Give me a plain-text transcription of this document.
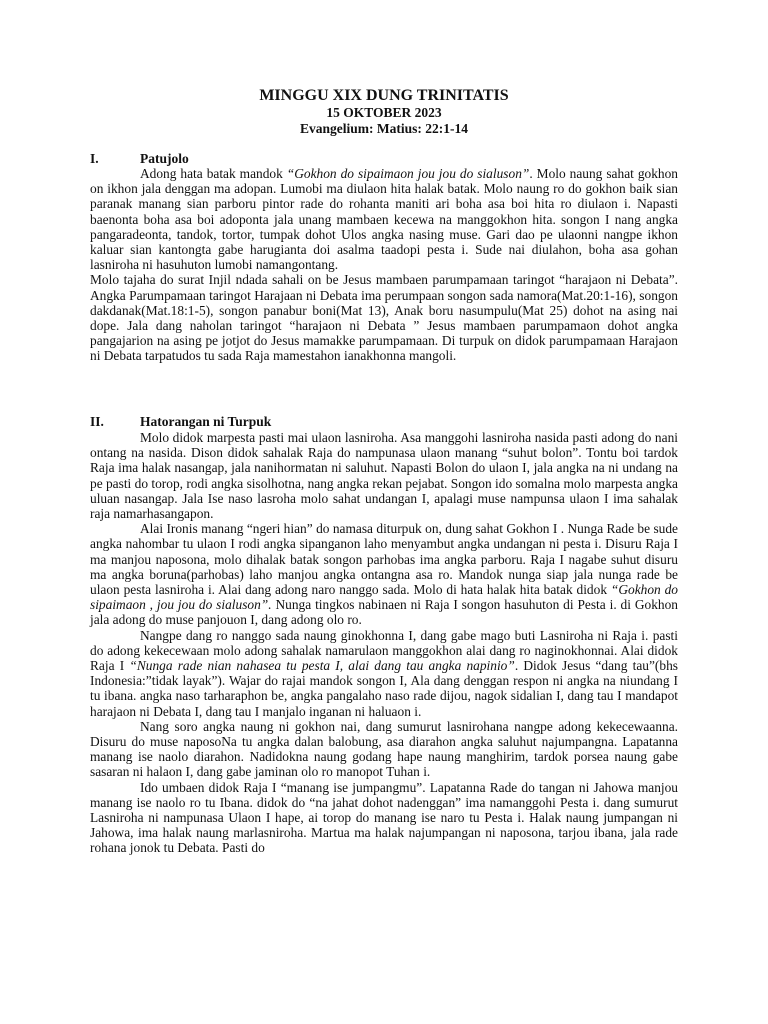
MINGGU XIX DUNG TRINITATIS
15 OKTOBER 2023
Evangelium: Matius: 22:1-14
I.	Patujolo

Adong hata batak mandok “Gokhon do sipaimaon jou jou do sialuson”. Molo naung sahat gokhon on ikhon jala denggan ma adopan. Lumobi ma diulaon hita halak batak. Molo naung ro do gokhon baik sian paranak manang sian parboru pintor rade do rohanta maniti ari boha asa boi hita ro diulaon i. Napasti baenonta boha asa boi adoponta jala unang mambaen kecewa na manggokhon hita. songon I nang angka pangaradeonta, tandok, tortor, tumpak dohot Ulos angka nasing muse. Gari dao pe ulaonni nangpe ikhon kaluar sian kantongta gabe harugianta doi asalma taadopi pesta i. Sude nai diulahon, boha asa gohan lasniroha ni hasuhuton lumobi namangontang.

Molo tajaha do surat Injil ndada sahali on be Jesus mambaen parumpamaan taringot “harajaon ni Debata”. Angka Parumpamaan taringot Harajaan ni Debata ima perumpaan songon sada namora(Mat.20:1-16), songon dakdanak(Mat.18:1-5), songon panabur boni(Mat 13), Anak boru nasumpulu(Mat 25) dohot na asing nai dope. Jala dang naholan taringot “harajaon ni Debata ” Jesus mambaen parumpamaon dohot angka pangajarion na asing pe jotjot do Jesus mamakke parumpamaan. Di turpuk on didok parumpamaan Harajaon ni Debata tarpatudos tu sada Raja mamestahon ianakhonna mangoli.

II.	Hatorangan ni Turpuk

Molo didok marpesta pasti mai ulaon lasniroha. Asa manggohi lasniroha nasida pasti adong do nani ontang na nasida. Dison didok sahalak Raja do nampunasa ulaon manang “suhut bolon”. Tontu boi tardok Raja ima halak nasangap, jala nanihormatan ni saluhut. Napasti Bolon do ulaon I, jala angka na ni undang na pe pasti do torop, rodi angka sisolhotna, nang angka rekan pejabat. Songon ido somalna molo marpesta angka uluan nasangap. Jala Ise naso lasroha molo sahat undangan I, apalagi muse nampunsa ulaon I ima sahalak raja namarhasangapon.

Alai Ironis manang “ngeri hian” do namasa diturpuk on, dung sahat Gokhon I . Nunga Rade be sude angka nahombar tu ulaon I rodi angka sipanganon laho menyambut angka undangan ni pesta i. Disuru Raja I ma manjou naposona, molo dihalak batak songon parhobas ima angka parboru. Raja I nagabe suhut disuru ma angka boruna(parhobas) laho manjou angka ontangna asa ro. Mandok nunga siap jala nunga rade be ulaon pesta lasniroha i. Alai dang adong naro nanggo sada. Molo di hata halak hita batak didok “Gokhon do sipaimaon , jou jou do sialuson”. Nunga tingkos nabinaen ni Raja I songon hasuhuton di Pesta i. di Gokhon jala adong do muse panjouon I, dang adong olo ro.

Nangpe dang ro nanggo sada naung ginokhonna I, dang gabe mago buti Lasniroha ni Raja i. pasti do adong kekecewaan molo adong sahalak namarulaon manggokhon alai dang ro naginokhonnai. Alai didok Raja I “Nunga rade nian nahasea tu pesta I, alai dang tau angka napinio”. Didok Jesus “dang tau”(bhs Indonesia:”tidak layak”). Wajar do rajai mandok songon I, Ala dang denggan respon ni angka na niundang I tu ibana. angka naso tarharaphon be, angka pangalaho naso rade dijou, nagok sidalian I, dang tau I mandapot harajaon ni Debata I, dang tau I manjalo inganan ni haluaon i.

Nang soro angka naung ni gokhon nai, dang sumurut lasnirohana nangpe adong kekecewaanna. Disuru do muse naposoNa tu angka dalan balobung, asa diarahon angka saluhut najumpangna. Lapatanna manang ise naolo diarahon. Nadidokna naung godang hape naung manghirim, tardok porsea naung gabe sasaran ni halaon I, dang gabe jaminan olo ro manopot Tuhan i.

Ido umbaen didok Raja I “manang ise jumpangmu”. Lapatanna Rade do tangan ni Jahowa manjou manang ise naolo ro tu Ibana. didok do “na jahat dohot nadenggan” ima namanggohi Pesta i. dang sumurut Lasniroha ni nampunasa Ulaon I hape, ai torop do manang ise naro tu Pesta i. Halak naung jumpangan ni Jahowa, ima halak naung marlasniroha. Martua ma halak najumpangan ni naposona, tarjou ibana, jala rade rohana jonok tu Debata. Pasti do
